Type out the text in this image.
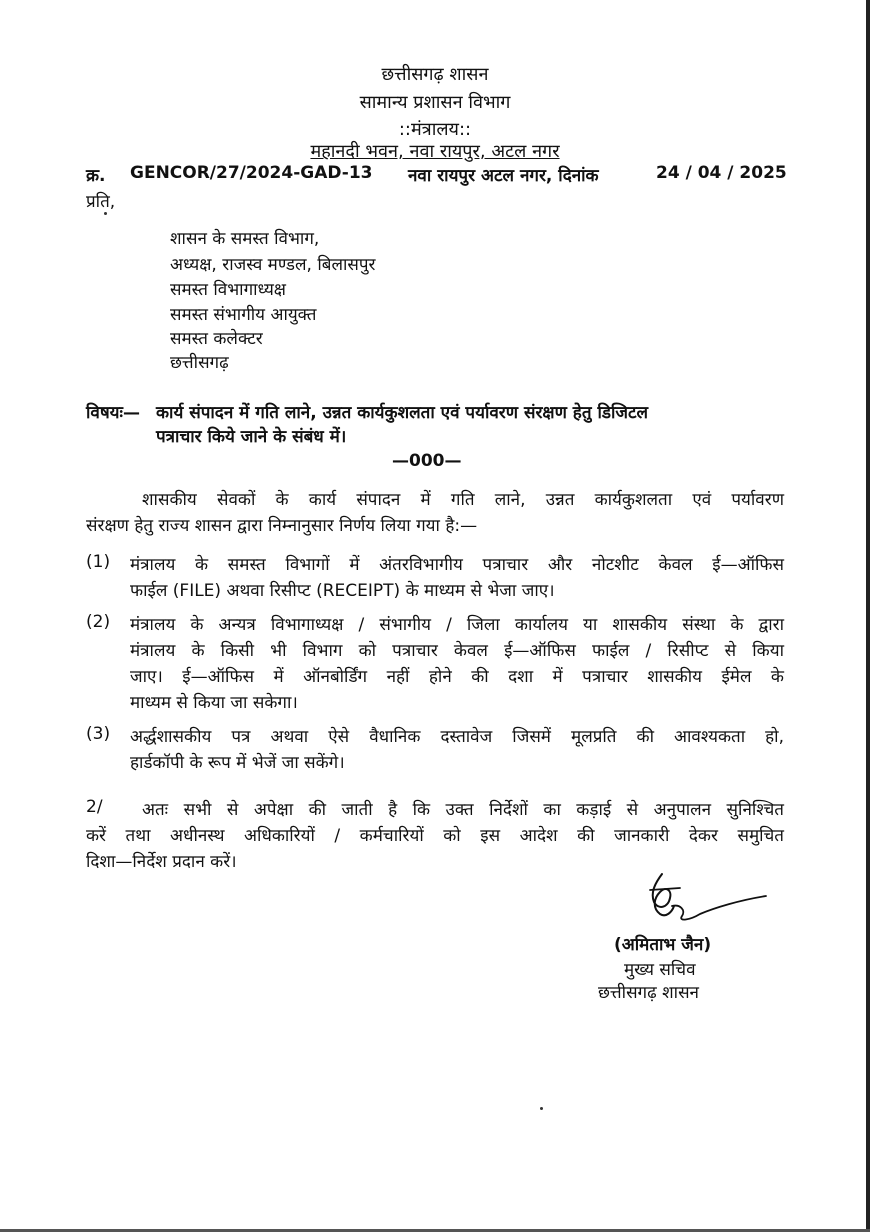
छत्तीसगढ़ शासन
सामान्य प्रशासन विभाग
::मंत्रालय::
महानदी भवन, नवा रायपुर, अटल नगर
क्र. GENCOR/27/2024-GAD-13 नवा रायपुर अटल नगर, दिनांक	24 / 04 / 2025
प्रति,
शासन के समस्त विभाग,
अध्यक्ष, राजस्व मण्डल, बिलासपुर
समस्त विभागाध्यक्ष
समस्त संभागीय आयुक्त
समस्त कलेक्टर
छत्तीसगढ़
विषयः— कार्य संपादन में गति लाने, उन्नत कार्यकुशलता एवं पर्यावरण संरक्षण हेतु डिजिटल
पत्राचार किये जाने के संबंध में।
—000—
शासकीय सेवकों के कार्य संपादन में गति लाने, उन्नत कार्यकुशलता एवं पर्यावरण
संरक्षण हेतु राज्य शासन द्वारा निम्नानुसार निर्णय लिया गया है:—
(1) मंत्रालय के समस्त विभागों में अंतरविभागीय पत्राचार और नोटशीट केवल ई—ऑफिस
फाईल (FILE) अथवा रिसीप्ट (RECEIPT) के माध्यम से भेजा जाए।
(2) मंत्रालय के अन्यत्र विभागाध्यक्ष / संभागीय / जिला कार्यालय या शासकीय संस्था के द्वारा
मंत्रालय के किसी भी विभाग को पत्राचार केवल ई—ऑफिस फाईल / रिसीप्ट से किया
जाए। ई—ऑफिस में ऑनबोर्डिंग नहीं होने की दशा में पत्राचार शासकीय ईमेल के
माध्यम से किया जा सकेगा।
(3) अर्द्धशासकीय पत्र अथवा ऐसे वैधानिक दस्तावेज जिसमें मूलप्रति की आवश्यकता हो,
हार्डकॉपी के रूप में भेजें जा सकेंगे।
2/ अतः सभी से अपेक्षा की जाती है कि उक्त निर्देशों का कड़ाई से अनुपालन सुनिश्चित
करें तथा अधीनस्थ अधिकारियों / कर्मचारियों को इस आदेश की जानकारी देकर समुचित
दिशा—निर्देश प्रदान करें।
(अमिताभ जैन)
मुख्य सचिव
छत्तीसगढ़ शासन
